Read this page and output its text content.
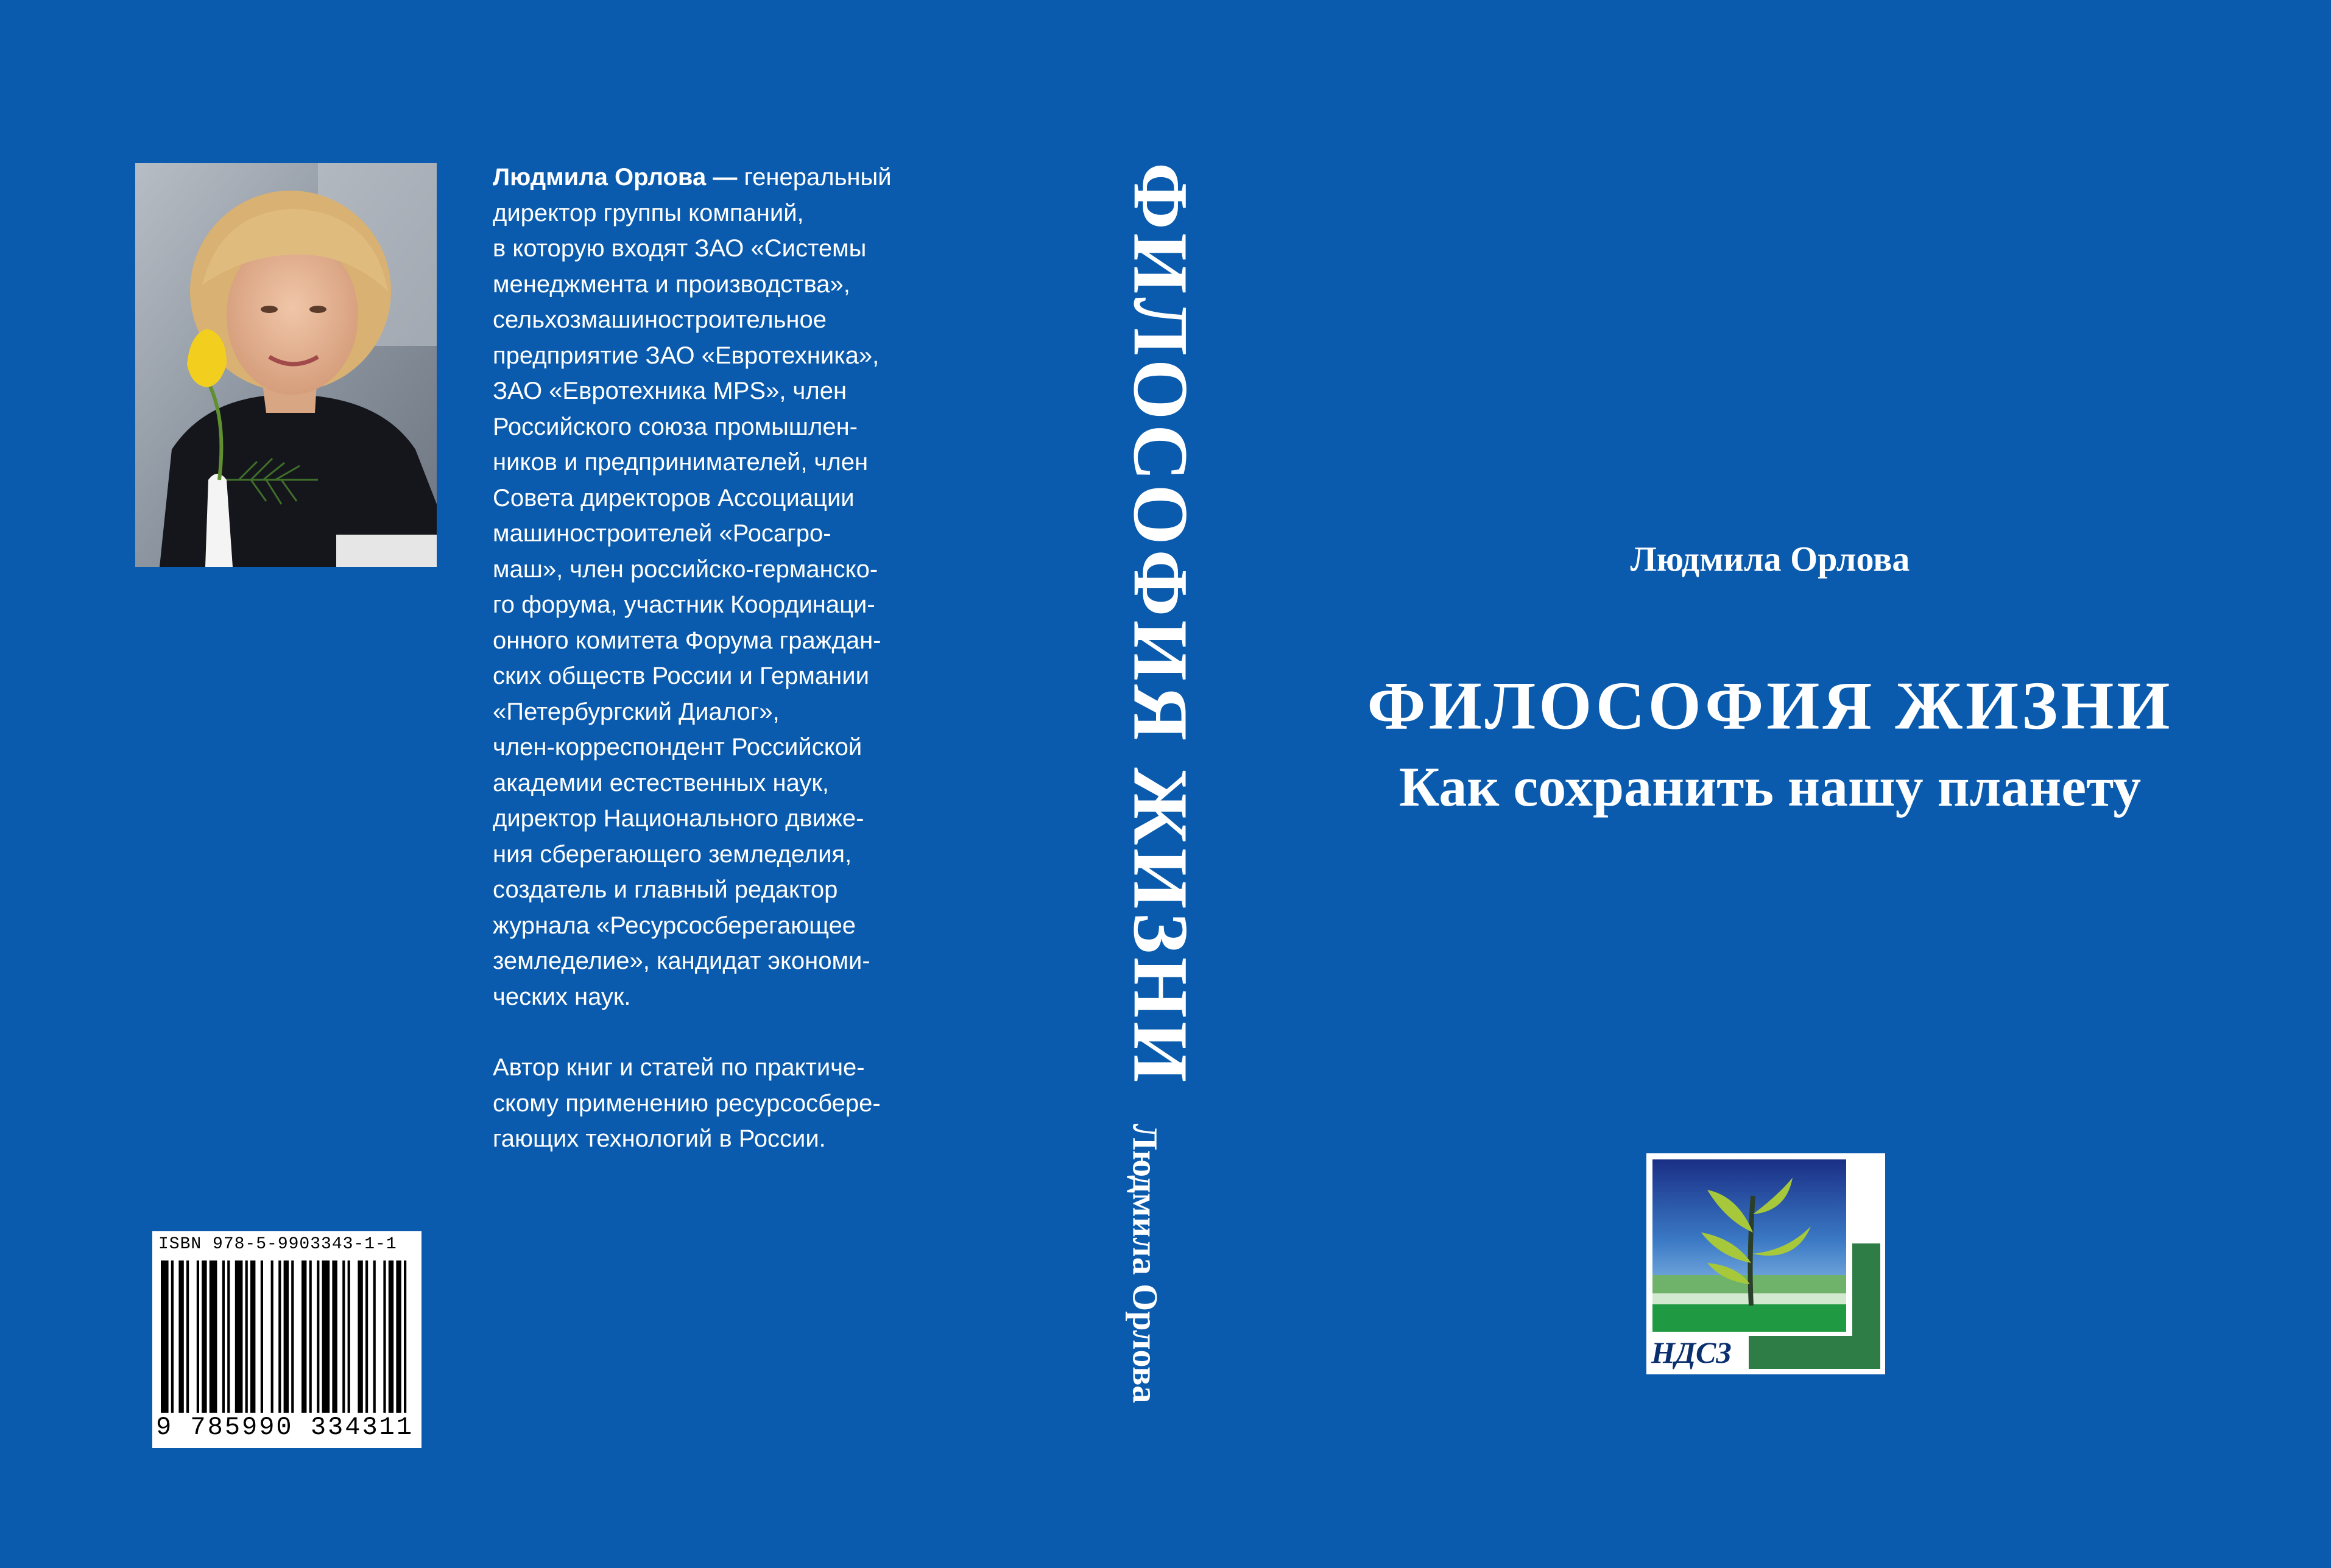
Людмила Орлова — генеральный
директор группы компаний,
в которую входят ЗАО «Системы
менеджмента и производства»,
сельхозмашиностроительное
предприятие ЗАО «Евротехника»,
ЗАО «Евротехника MPS», член
Российского союза промышлен-
ников и предпринимателей, член
Совета директоров Ассоциации
машиностроителей «Росагро-
маш», член российско-германско-
го форума, участник Координаци-
онного комитета Форума граждан-
ских обществ России и Германии
«Петербургский Диалог»,
член-корреспондент Российской
академии естественных наук,
директор Национального движе-
ния сберегающего земледелия,
создатель и главный редактор
журнала «Ресурсосберегающее
земледелие», кандидат экономи-
ческих наук.
Автор книг и статей по практиче-
скому применению ресурсосбере-
гающих технологий в России.
ISBN 978-5-9903343-1-1
9 785990 334311
ФИЛОСОФИЯ ЖИЗНИ
Людмила Орлова
Людмила Орлова
ФИЛОСОФИЯ ЖИЗНИ
Как сохранить нашу планету
НДСЗ
